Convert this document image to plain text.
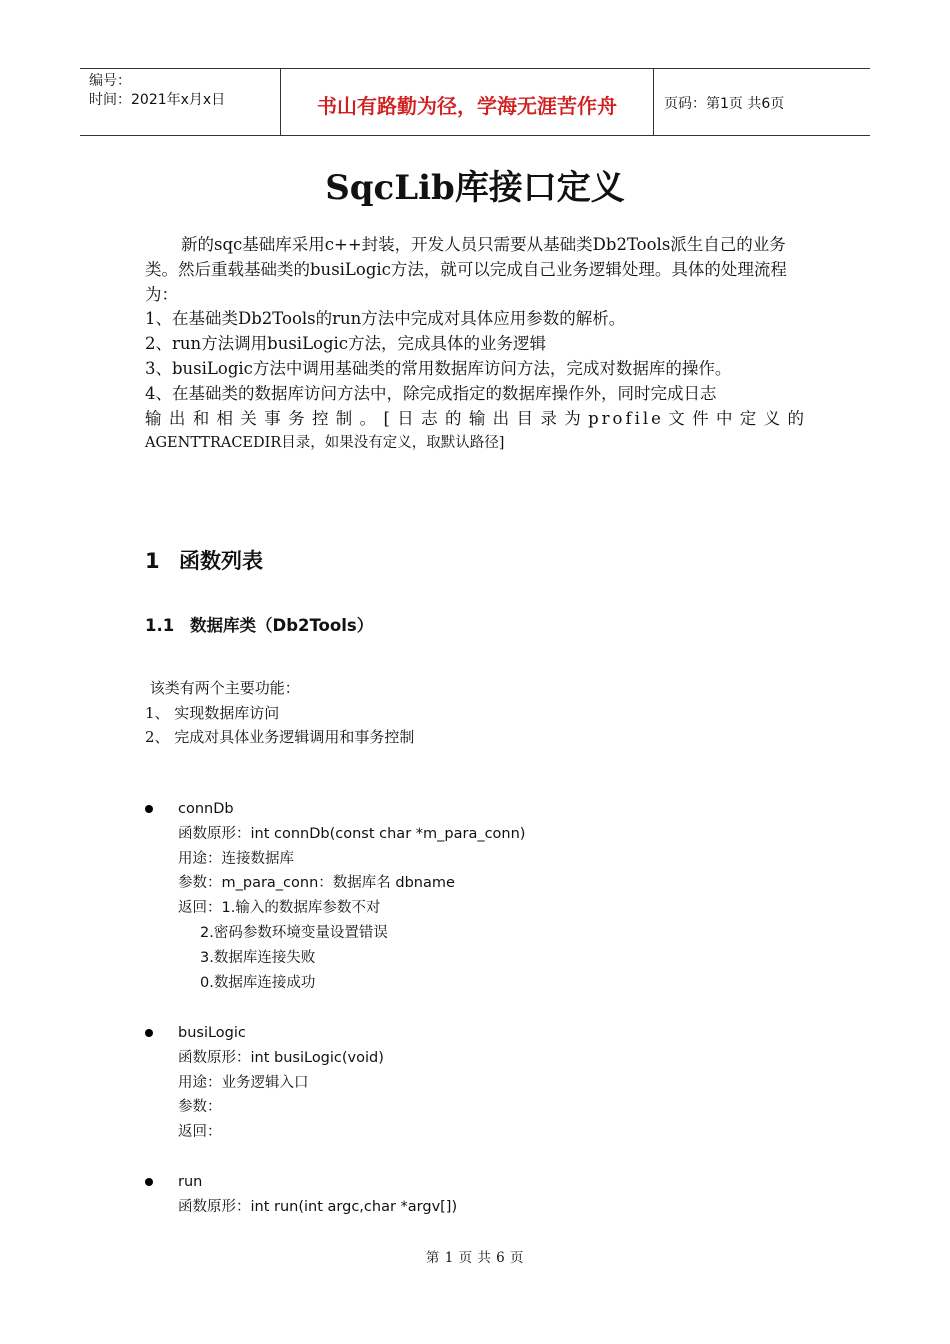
编号：
时间：2021年x月x日	书山有路勤为径，学海无涯苦作舟	页码：第1页 共6页
SqcLib库接口定义

新的sqc基础库采用c++封装，开发人员只需要从基础类Db2Tools派生自己的业务类。然后重载基础类的busiLogic方法，就可以完成自己业务逻辑处理。具体的处理流程为：

1、在基础类Db2Tools的run方法中完成对具体应用参数的解析。

2、run方法调用busiLogic方法，完成具体的业务逻辑

3、busiLogic方法中调用基础类的常用数据库访问方法，完成对数据库的操作。

4、在基础类的数据库访问方法中，除完成指定的数据库操作外，同时完成日志

输出和相关事务控制。[日志的输出目录为profile文件中定义的

AGENTTRACEDIR目录，如果没有定义，取默认路径]

1 函数列表
1.1 数据库类（Db2Tools）

该类有两个主要功能：

1、 实现数据库访问

2、 完成对具体业务逻辑调用和事务控制

connDb
函数原形：int connDb(const char *m_para_conn)
用途：连接数据库
参数：m_para_conn：数据库名 dbname
返回：1.输入的数据库参数不对
2.密码参数环境变量设置错误
3.数据库连接失败
0.数据库连接成功
busiLogic
函数原形：int busiLogic(void)
用途：业务逻辑入口
参数：
返回：
run
函数原形：int run(int argc,char *argv[])
第 1 页 共 6 页
